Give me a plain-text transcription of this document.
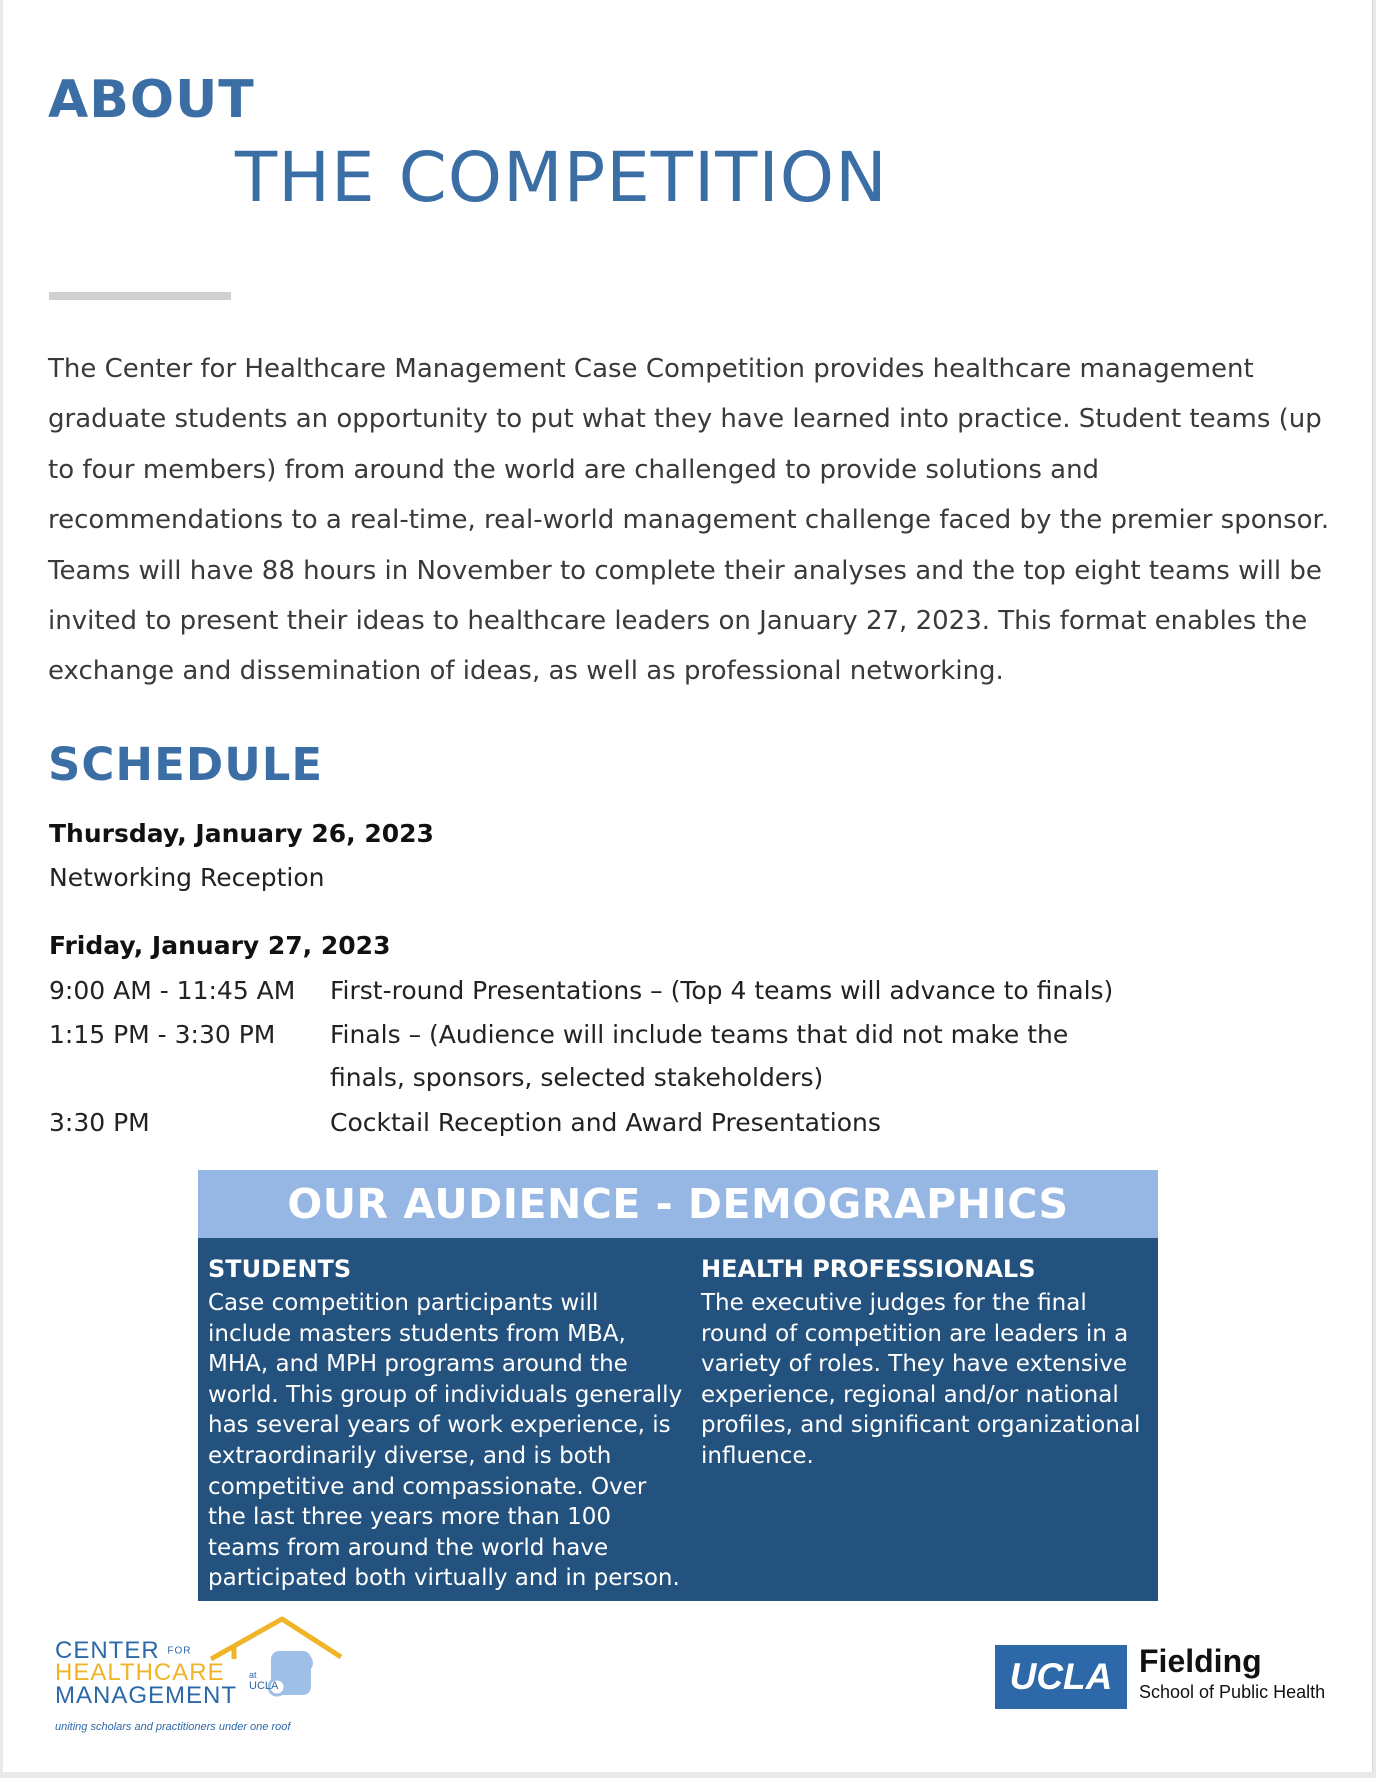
ABOUT
THE COMPETITION

The Center for Healthcare Management Case Competition provides healthcare management graduate students an opportunity to put what they have learned into practice. Student teams (up to four members) from around the world are challenged to provide solutions and recommendations to a real-time, real-world management challenge faced by the premier sponsor. Teams will have 88 hours in November to complete their analyses and the top eight teams will be invited to present their ideas to healthcare leaders on January 27, 2023. This format enables the exchange and dissemination of ideas, as well as professional networking.

SCHEDULE

Thursday, January 26, 2023

Networking Reception

Friday, January 27, 2023

9:00 AM - 11:45 AM First-round Presentations – (Top 4 teams will advance to finals)
1:15 PM - 3:30 PM Finals – (Audience will include teams that did not make the finals, sponsors, selected stakeholders)
3:30 PM	Cocktail Reception and Award Presentations
OUR AUDIENCE - DEMOGRAPHICS
STUDENTS

Case competition participants will include masters students from MBA, MHA, and MPH programs around the world. This group of individuals generally has several years of work experience, is extraordinarily diverse, and is both competitive and compassionate. Over the last three years more than 100 teams from around the world have participated both virtually and in person.

HEALTH PROFESSIONALS

The executive judges for the final round of competition are leaders in a variety of roles. They have extensive experience, regional and/or national profiles, and significant organizational influence.

CENTER FOR
HEALTHCARE
MANAGEMENT
at
UCLA
uniting scholars and practitioners under one roof
UCLA Fielding
School of Public Health
